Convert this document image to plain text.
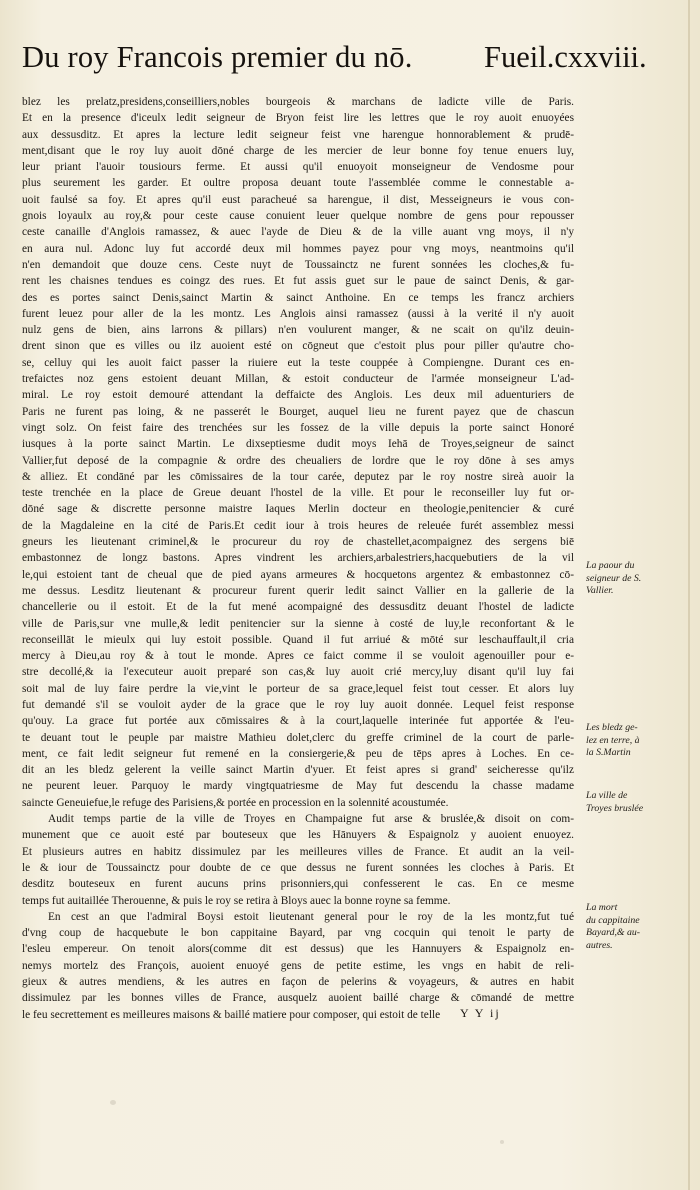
Du roy Francois premier du nō. Fueil.cxxviii.
blez les prelatz,presidens,conseilliers,nobles bourgeois & marchans de ladicte ville de Paris.
Et en la presence d'iceulx ledit seigneur de Bryon feist lire les lettres que le roy auoit enuoyées
aux dessusditz. Et apres la lecture ledit seigneur feist vne harengue honnorablement & prudē-
ment,disant que le roy luy auoit dōné charge de les mercier de leur bonne foy tenue enuers luy,
leur priant l'auoir tousiours ferme. Et aussi qu'il enuoyoit monseigneur de Vendosme pour
plus seurement les garder. Et oultre proposa deuant toute l'assemblée comme le connestable a-
uoit faulsé sa foy. Et apres qu'il eust paracheué sa harengue, il dist, Messeigneurs ie vous con-
gnois loyaulx au roy,& pour ceste cause conuient leuer quelque nombre de gens pour repousser
ceste canaille d'Anglois ramassez, & auec l'ayde de Dieu & de la ville auant vng moys, il n'y
en aura nul. Adonc luy fut accordé deux mil hommes payez pour vng moys, neantmoins qu'il
n'en demandoit que douze cens. Ceste nuyt de Toussainctz ne furent sonnées les cloches,& fu-
rent les chaisnes tendues es coingz des rues. Et fut assis guet sur le paue de sainct Denis, & gar-
des es portes sainct Denis,sainct Martin & sainct Anthoine. En ce temps les francz archiers
furent leuez pour aller de la les montz. Les Anglois ainsi ramassez (aussi à la verité il n'y auoit
nulz gens de bien, ains larrons & pillars) n'en voulurent manger, & ne scait on qu'ilz deuin-
drent sinon que es villes ou ilz auoient esté on cōgneut que c'estoit plus pour piller qu'autre cho-
se, celluy qui les auoit faict passer la riuiere eut la teste couppée à Compiengne. Durant ces en-
trefaictes noz gens estoient deuant Millan, & estoit conducteur de l'armée monseigneur L'ad-
miral. Le roy estoit demouré attendant la deffaicte des Anglois. Les deux mil aduenturiers de
Paris ne furent pas loing, & ne passerét le Bourget, auquel lieu ne furent payez que de chascun
vingt solz. On feist faire des trenchées sur les fossez de la ville depuis la porte sainct Honoré
iusques à la porte sainct Martin. Le dixseptiesme dudit moys Iehā de Troyes,seigneur de sainct
Vallier,fut deposé de la compagnie & ordre des cheualiers de lordre que le roy dōne à ses amys
& alliez. Et condāné par les cōmissaires de la tour carée, deputez par le roy nostre sireà auoir la
teste trenchée en la place de Greue deuant l'hostel de la ville. Et pour le reconseiller luy fut or-
dōné sage & discrette personne maistre Iaques Merlin docteur en theologie,penitencier & curé
de la Magdaleine en la cité de Paris.Et cedit iour à trois heures de releuée furét assemblez messi
gneurs les lieutenant criminel,& le procureur du roy de chastellet,acompaignez des sergens biē
embastonnez de longz bastons. Apres vindrent les archiers,arbalestriers,hacquebutiers de la vil
le,qui estoient tant de cheual que de pied ayans armeures & hocquetons argentez & embastonnez cō-
me dessus. Lesditz lieutenant & procureur furent querir ledit sainct Vallier en la gallerie de la
chancellerie ou il estoit. Et de la fut mené acompaigné des dessusditz deuant l'hostel de ladicte
ville de Paris,sur vne mulle,& ledit penitencier sur la sienne à costé de luy,le reconfortant & le
reconseillāt le mieulx qui luy estoit possible. Quand il fut arriué & mōté sur leschauffault,il cria
mercy à Dieu,au roy & à tout le monde. Apres ce faict comme il se vouloit agenouiller pour e-
stre decollé,& ia l'executeur auoit preparé son cas,& luy auoit crié mercy,luy disant qu'il luy fai
soit mal de luy faire perdre la vie,vint le porteur de sa grace,lequel feist tout cesser. Et alors luy
fut demandé s'il se vouloit ayder de la grace que le roy luy auoit donnée. Lequel feist response
qu'ouy. La grace fut portée aux cōmissaires & à la court,laquelle interinée fut apportée & l'eu-
te deuant tout le peuple par maistre Mathieu dolet,clerc du greffe criminel de la court de parle-
ment, ce fait ledit seigneur fut remené en la consiergerie,& peu de tēps apres à Loches. En ce-
dit an les bledz gelerent la veille sainct Martin d'yuer. Et feist apres si grand' seicheresse qu'ilz
ne peurent leuer. Parquoy le mardy vingtquatriesme de May fut descendu la chasse madame
saincte Geneuiefue,le refuge des Parisiens,& portée en procession en la solennité acoustumée.
Audit temps partie de la ville de Troyes en Champaigne fut arse & bruslée,& disoit on com-
munement que ce auoit esté par bouteseux que les Hānuyers & Espaignolz y auoient enuoyez.
Et plusieurs autres en habitz dissimulez par les meilleures villes de France. Et audit an la veil-
le & iour de Toussainctz pour doubte de ce que dessus ne furent sonnées les cloches à Paris. Et
desditz bouteseux en furent aucuns prins prisonniers,qui confesserent le cas. En ce mesme
temps fut auitaillée Therouenne, & puis le roy se retira à Bloys auec la bonne royne sa femme.
En cest an que l'admiral Boysi estoit lieutenant general pour le roy de la les montz,fut tué
d'vng coup de hacquebute le bon cappitaine Bayard, par vng cocquin qui tenoit le party de
l'esleu empereur. On tenoit alors(comme dit est dessus) que les Hannuyers & Espaignolz en-
nemys mortelz des François, auoient enuoyé gens de petite estime, les vngs en habit de reli-
gieux & autres mendiens, & les autres en façon de pelerins & voyageurs, & autres en habit
dissimulez par les bonnes villes de France, ausquelz auoient baillé charge & cōmandé de mettre
le feu secrettement es meilleures maisons & baillé matiere pour composer, qui estoit de telle	Y Y ij
La paour du
seigneur de S.
Vallier.
Les bledz ge-
lez en terre, à
la S.Martin
La ville de
Troyes bruslée
La mort
du cappitaine
Bayard,& au-
autres.
